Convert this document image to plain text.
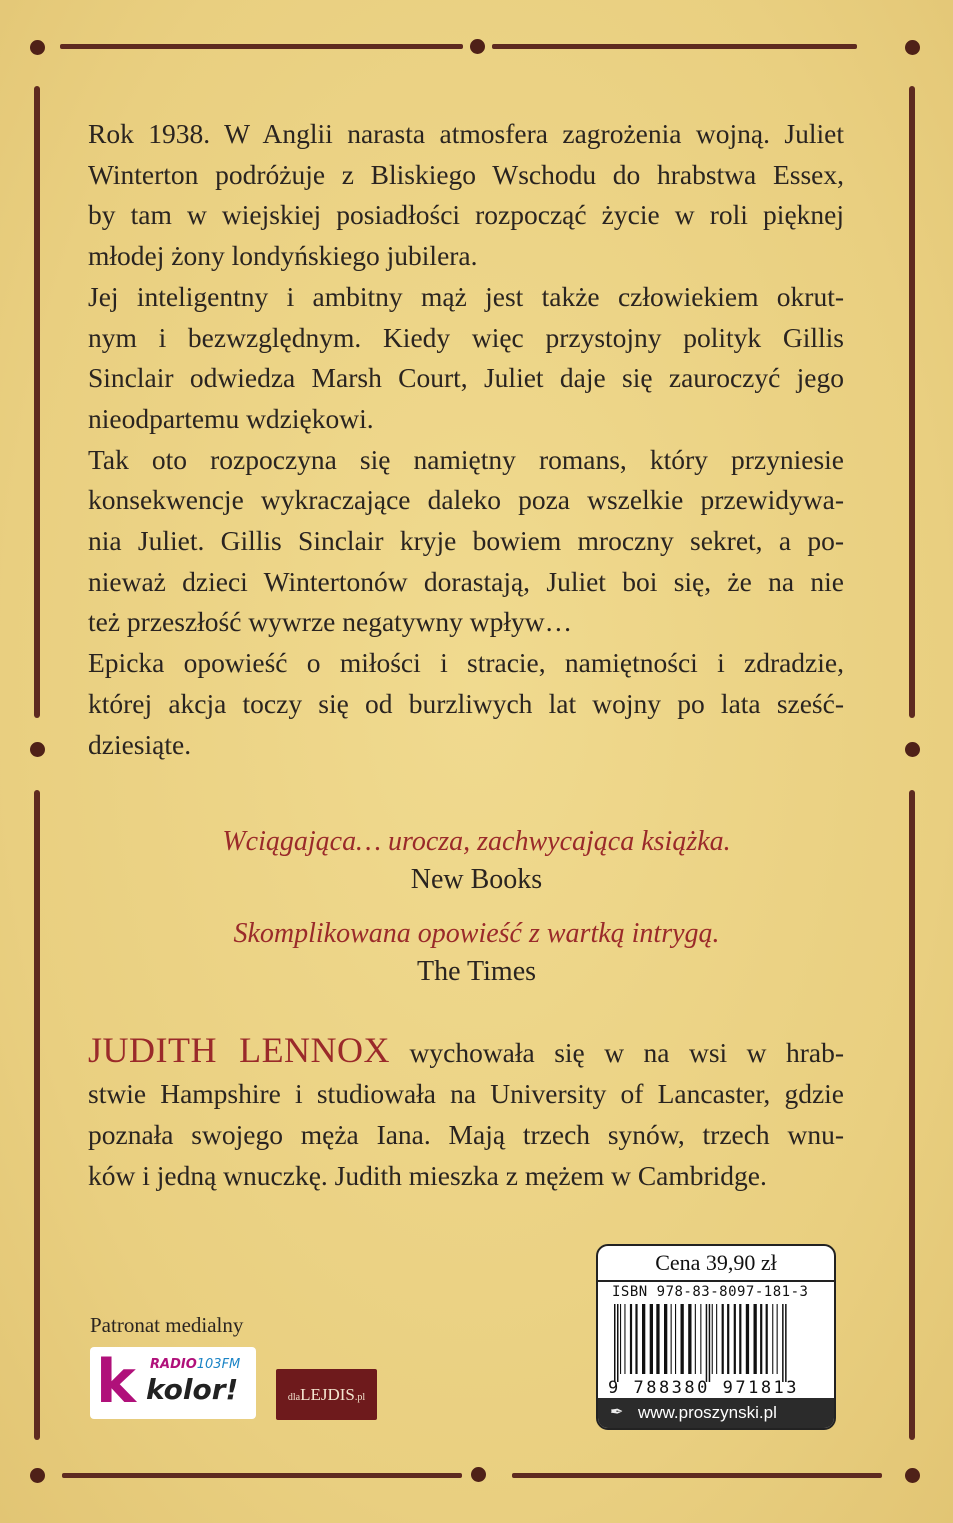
Rok 1938. W Anglii narasta atmosfera zagrożenia wojną. Juliet

Winterton podróżuje z Bliskiego Wschodu do hrabstwa Essex,

by tam w wiejskiej posiadłości rozpocząć życie w roli pięknej

młodej żony londyńskiego jubilera.

Jej inteligentny i ambitny mąż jest także człowiekiem okrut-

nym i bezwzględnym. Kiedy więc przystojny polityk Gillis

Sinclair odwiedza Marsh Court, Juliet daje się zauroczyć jego

nieodpartemu wdziękowi.

Tak oto rozpoczyna się namiętny romans, który przyniesie

konsekwencje wykraczające daleko poza wszelkie przewidywa-

nia Juliet. Gillis Sinclair kryje bowiem mroczny sekret, a po-

nieważ dzieci Wintertonów dorastają, Juliet boi się, że na nie

też przeszłość wywrze negatywny wpływ…

Epicka opowieść o miłości i stracie, namiętności i zdradzie,

której akcja toczy się od burzliwych lat wojny po lata sześć-

dziesiąte.

Wciągająca… urocza, zachwycająca książka.
New Books
Skomplikowana opowieść z wartką intrygą.
The Times
JUDITH LENNOX wychowała się w na wsi w hrab-
stwie Hampshire i studiowała na University of Lancaster, gdzie
poznała swojego męża Iana. Mają trzech synów, trzech wnu-
ków i jedną wnuczkę. Judith mieszka z mężem w Cambridge.
Patronat medialny
k RADIO103FM
kolor!	dlaLEJDIS.pl
Cena 39,90 zł
ISBN 978-83-8097-181-3
9 788380 971813
✒ www.proszynski.pl
